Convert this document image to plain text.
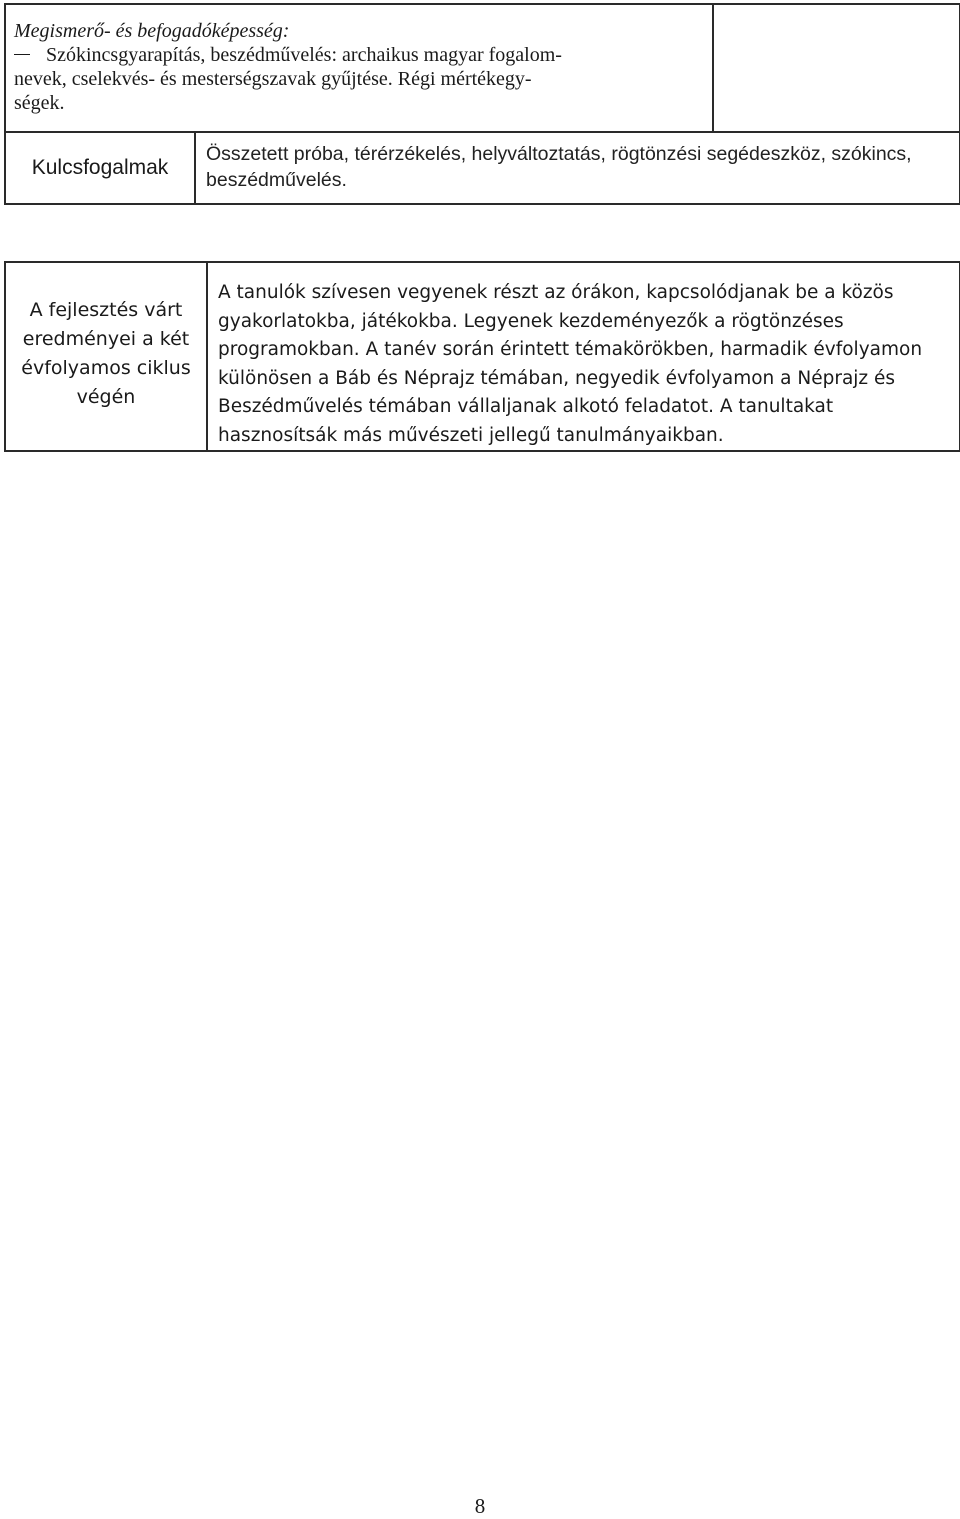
Megismerő- és befogadóképesség:
Szókincsgyarapítás, beszédművelés: archaikus magyar fogalom-
nevek, cselekvés- és mesterségszavak gyűjtése. Régi mértékegy-
ségek.		

Kulcsfogalmak	Összetett próba, térérzékelés, helyváltoztatás, rögtönzési segédeszköz, szókincs, beszédművelés.	
A fejlesztés várt eredményei a két évfolyamos ciklus végén	A tanulók szívesen vegyenek részt az órákon, kapcsolódjanak be a közös gyakorlatokba, játékokba. Legyenek kezdeményezők a rögtönzéses programokban. A tanév során érintett témakörökben, harmadik évfolyamon különösen a Báb és Néprajz témában, negyedik évfolyamon a Néprajz és Beszédművelés témában vállaljanak alkotó feladatot. A tanultakat hasznosítsák más művészeti jellegű tanulmányaikban.
8
